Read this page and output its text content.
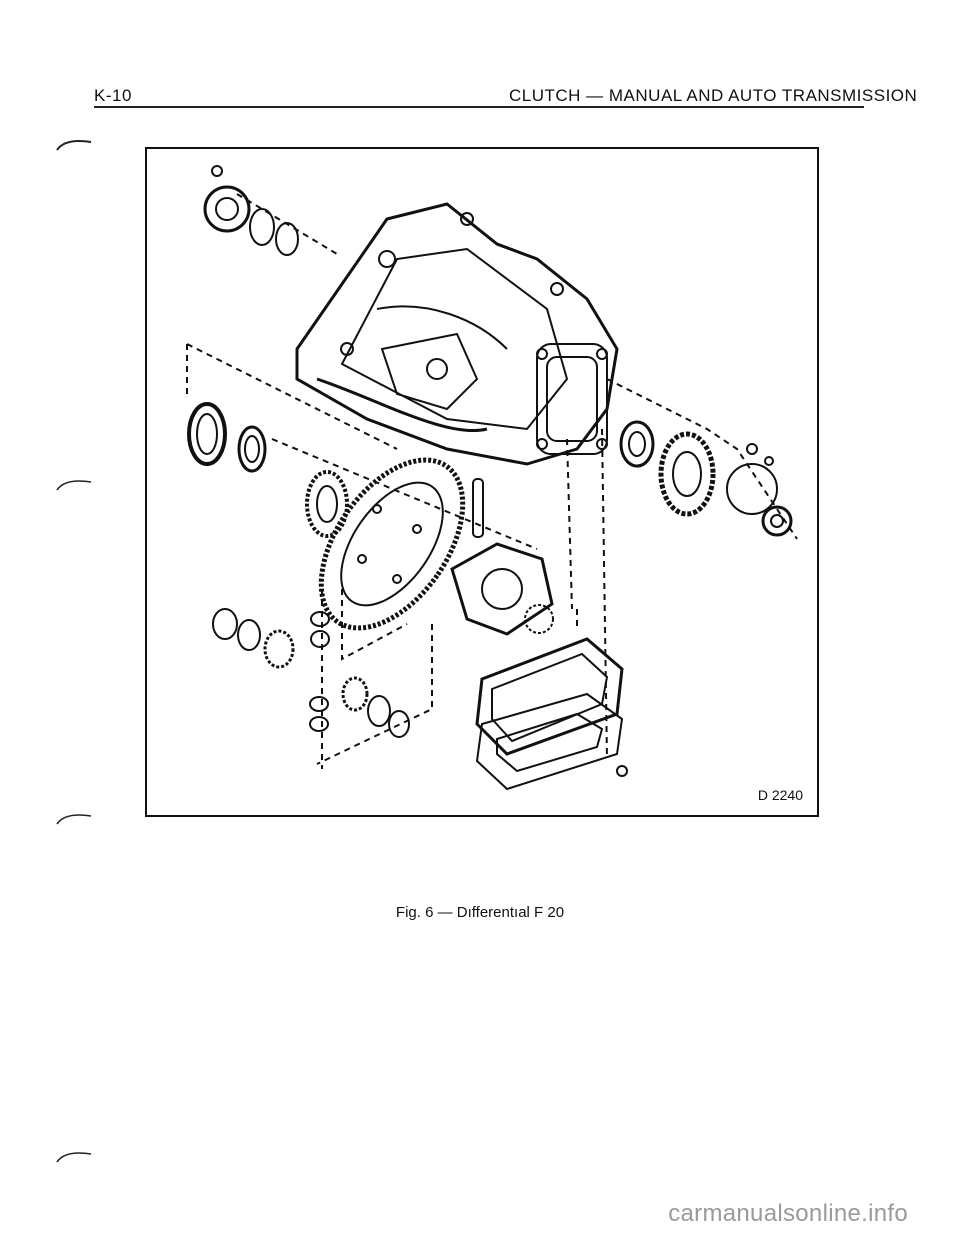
K-10	CLUTCH — MANUAL AND AUTO TRANSMISSION
D 2240
Fig. 6 — Dıfferentıal F 20
carmanualsonline.info
